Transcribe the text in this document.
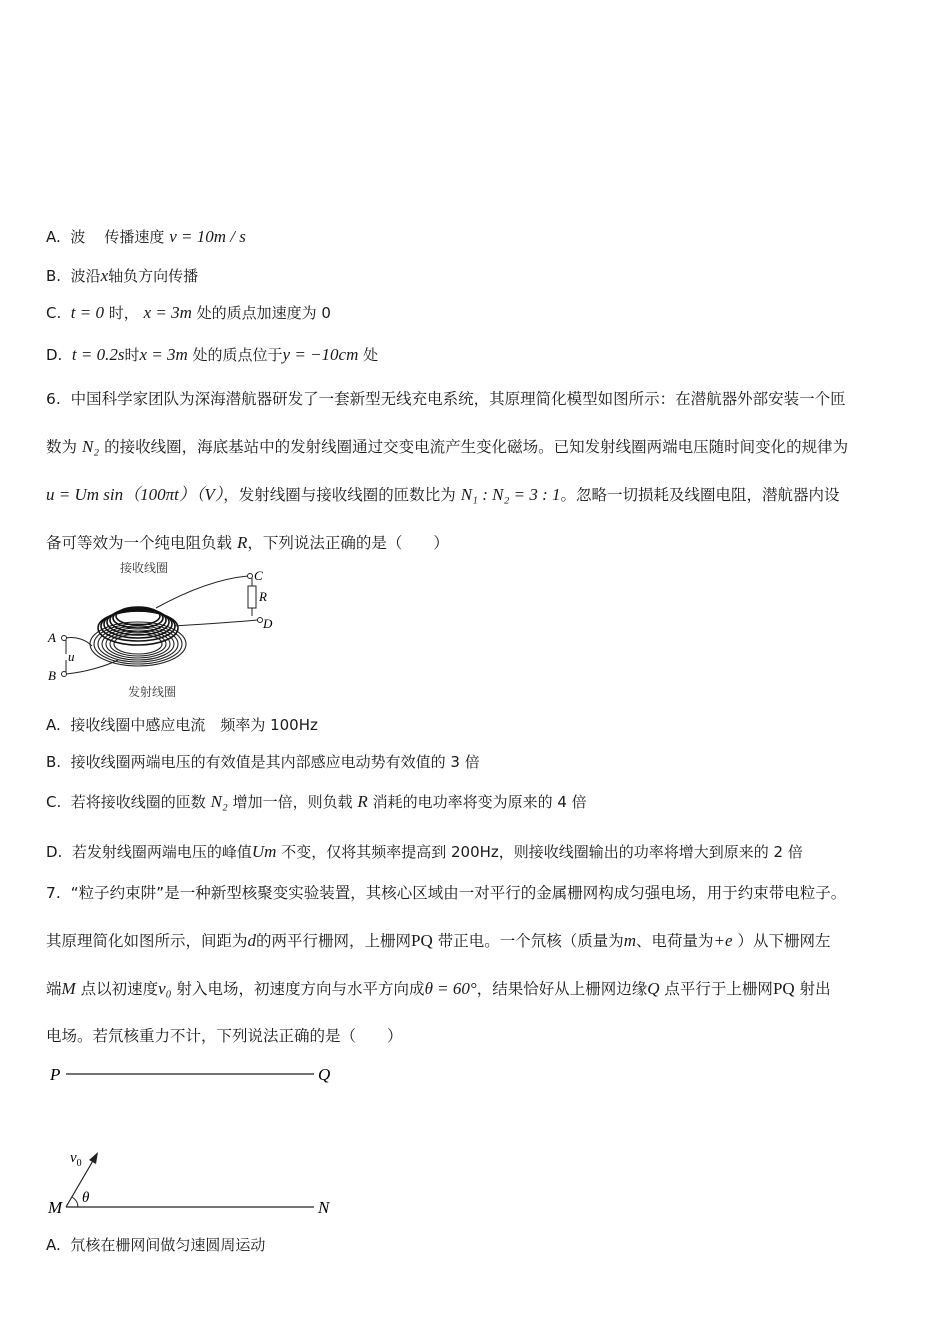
A. 波 传播速度 v = 10m / s
B. 波沿x轴负方向传播
C. t = 0 时， x = 3m 处的质点加速度为 0
D. t = 0.2s时x = 3m 处的质点位于y = −10cm 处
6. 中国科学家团队为深海潜航器研发了一套新型无线充电系统，其原理简化模型如图所示：在潜航器外部安装一个匝
数为 N₂ 的接收线圈，海底基站中的发射线圈通过交变电流产生变化磁场。已知发射线圈两端电压随时间变化的规律为
u = Um sin（100πt）（V），发射线圈与接收线圈的匝数比为 N₁ : N₂ = 3 : 1。忽略一切损耗及线圈电阻，潜航器内设
备可等效为一个纯电阻负载 R，下列说法正确的是（　　）
接收线圈
发射线圈
C
R
D
A
B
u
A. 接收线圈中感应电流　频率为 100Hz
B. 接收线圈两端电压的有效值是其内部感应电动势有效值的 3 倍
C. 若将接收线圈的匝数 N₂ 增加一倍，则负载 R 消耗的电功率将变为原来的 4 倍
D. 若发射线圈两端电压的峰值Um 不变，仅将其频率提高到 200Hz，则接收线圈输出的功率将增大到原来的 2 倍
7. “粒子约束阱”是一种新型核聚变实验装置，其核心区域由一对平行的金属栅网构成匀强电场，用于约束带电粒子。
其原理简化如图所示，间距为d的两平行栅网，上栅网PQ 带正电。一个氘核（质量为m、电荷量为+e ）从下栅网左
端M 点以初速度v₀ 射入电场，初速度方向与水平方向成θ = 60°，结果恰好从上栅网边缘Q 点平行于上栅网PQ 射出
电场。若氘核重力不计，下列说法正确的是（　　）
P	Q
M	N
$v_0$
θ
A. 氘核在栅网间做匀速圆周运动
